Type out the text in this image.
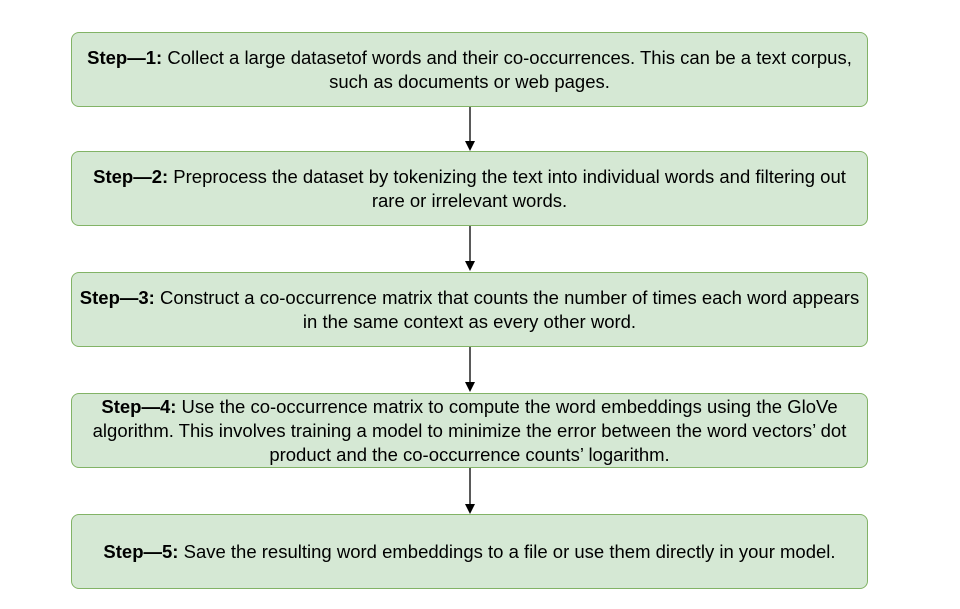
Step—1: Collect a large datasetof words and their co-occurrences. This can be a text corpus, such as documents or web pages.

Step—2: Preprocess the dataset by tokenizing the text into individual words and filtering out rare or irrelevant words.

Step—3: Construct a co-occurrence matrix that counts the number of times each word appears in the same context as every other word.

Step—4: Use the co-occurrence matrix to compute the word embeddings using the GloVe algorithm. This involves training a model to minimize the error between the word vectors’ dot product and the co-occurrence counts’ logarithm.

Step—5: Save the resulting word embeddings to a file or use them directly in your model.
